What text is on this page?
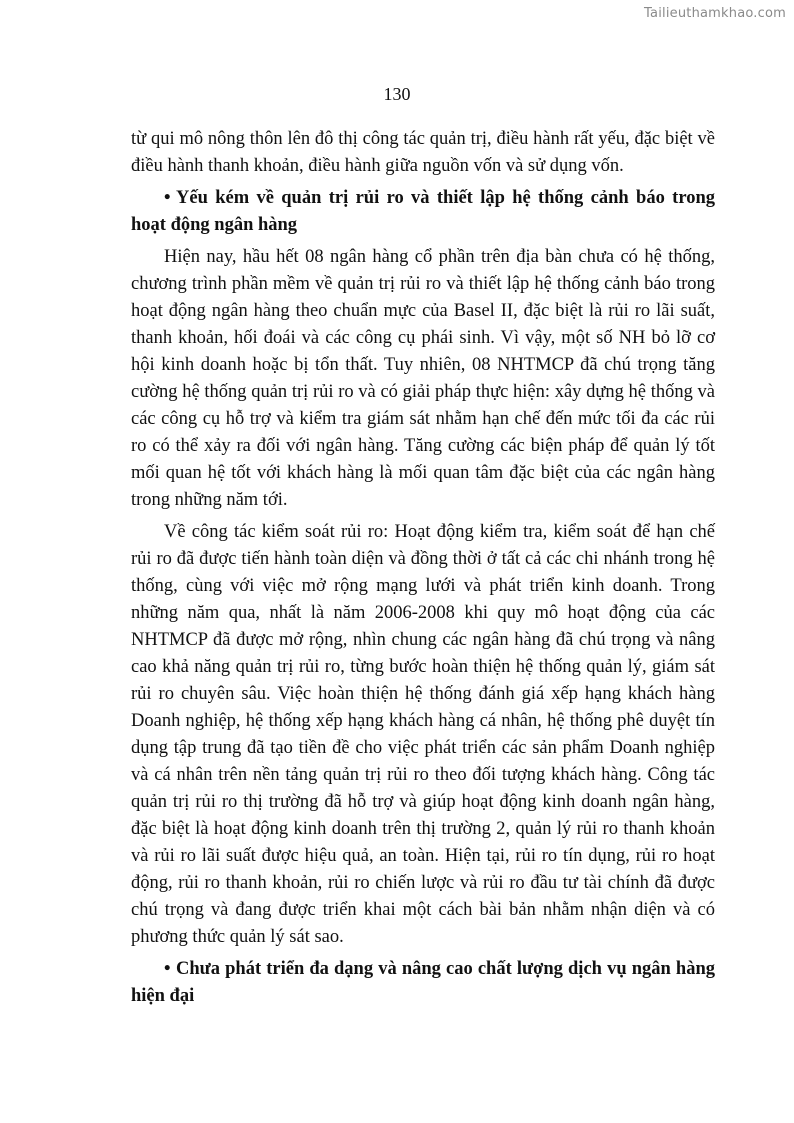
Tailieuthamkhao.com
130

từ qui mô nông thôn lên đô thị công tác quản trị, điều hành rất yếu, đặc biệt về điều hành thanh khoản, điều hành giữa nguồn vốn và sử dụng vốn.

• Yếu kém về quản trị rủi ro và thiết lập hệ thống cảnh báo trong hoạt động ngân hàng

Hiện nay, hầu hết 08 ngân hàng cổ phần trên địa bàn chưa có hệ thống, chương trình phần mềm về quản trị rủi ro và thiết lập hệ thống cảnh báo trong hoạt động ngân hàng theo chuẩn mực của Basel II, đặc biệt là rủi ro lãi suất, thanh khoản, hối đoái và các công cụ phái sinh. Vì vậy, một số NH bỏ lỡ cơ hội kinh doanh hoặc bị tổn thất. Tuy nhiên, 08 NHTMCP đã chú trọng tăng cường hệ thống quản trị rủi ro và có giải pháp thực hiện: xây dựng hệ thống và các công cụ hỗ trợ và kiểm tra giám sát nhằm hạn chế đến mức tối đa các rủi ro có thể xảy ra đối với ngân hàng. Tăng cường các biện pháp để quản lý tốt mối quan hệ tốt với khách hàng là mối quan tâm đặc biệt của các ngân hàng trong những năm tới.

Về công tác kiểm soát rủi ro: Hoạt động kiểm tra, kiểm soát để hạn chế rủi ro đã được tiến hành toàn diện và đồng thời ở tất cả các chi nhánh trong hệ thống, cùng với việc mở rộng mạng lưới và phát triển kinh doanh. Trong những năm qua, nhất là năm 2006-2008 khi quy mô hoạt động của các NHTMCP đã được mở rộng, nhìn chung các ngân hàng đã chú trọng và nâng cao khả năng quản trị rủi ro, từng bước hoàn thiện hệ thống quản lý, giám sát rủi ro chuyên sâu. Việc hoàn thiện hệ thống đánh giá xếp hạng khách hàng Doanh nghiệp, hệ thống xếp hạng khách hàng cá nhân, hệ thống phê duyệt tín dụng tập trung đã tạo tiền đề cho việc phát triển các sản phẩm Doanh nghiệp và cá nhân trên nền tảng quản trị rủi ro theo đối tượng khách hàng. Công tác quản trị rủi ro thị trường đã hỗ trợ và giúp hoạt động kinh doanh ngân hàng, đặc biệt là hoạt động kinh doanh trên thị trường 2, quản lý rủi ro thanh khoản và rủi ro lãi suất được hiệu quả, an toàn. Hiện tại, rủi ro tín dụng, rủi ro hoạt động, rủi ro thanh khoản, rủi ro chiến lược và rủi ro đầu tư tài chính đã được chú trọng và đang được triển khai một cách bài bản nhằm nhận diện và có phương thức quản lý sát sao.

• Chưa phát triển đa dạng và nâng cao chất lượng dịch vụ ngân hàng hiện đại
